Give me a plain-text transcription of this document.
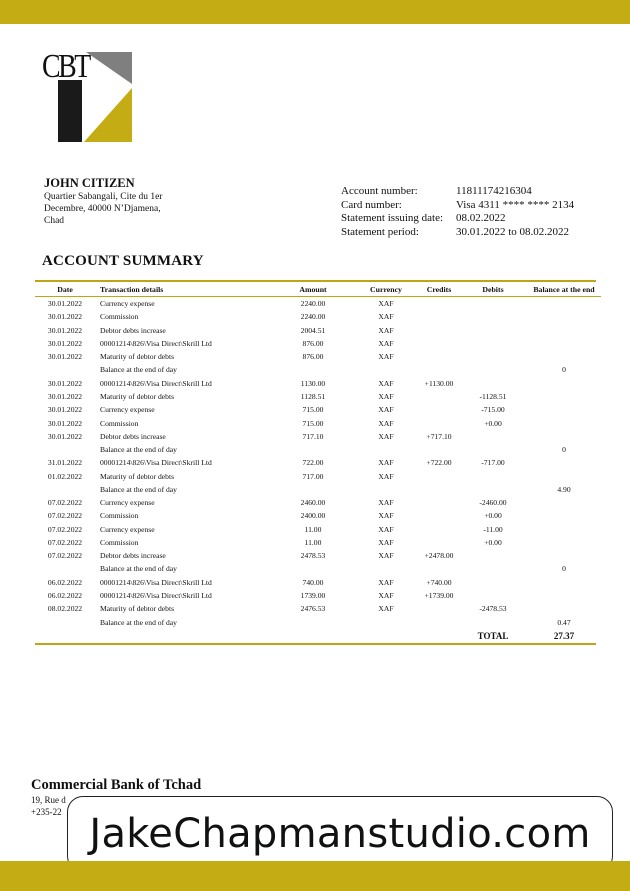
CBT
JOHN CITIZEN
Quartier Sabangali, Cite du 1er
Decembre, 40000 N’Djamena,
Chad
Account number:	11811174216304
Card number:	Visa 4311 **** **** 2134
Statement issuing date:	08.02.2022
Statement period:	30.01.2022 to 08.02.2022
ACCOUNT SUMMARY
Date	Transaction details	Amount	Currency	Credits	Debits	Balance at the end
30.01.2022	Currency expense	2240.00	XAF			
30.01.2022	Commission	2240.00	XAF			
30.01.2022	Debtor debts increase	2004.51	XAF			
30.01.2022	00001214\826\Visa Direct\Skrill Ltd	876.00	XAF			
30.01.2022	Maturity of debtor debts	876.00	XAF			
	Balance at the end of day					0
30.01.2022	00001214\826\Visa Direct\Skrill Ltd	1130.00	XAF	+1130.00		
30.01.2022	Maturity of debtor debts	1128.51	XAF		-1128.51	
30.01.2022	Currency expense	715.00	XAF		-715.00	
30.01.2022	Commission	715.00	XAF		+0.00	
30.01.2022	Debtor debts increase	717.10	XAF	+717.10		
	Balance at the end of day					0
31.01.2022	00001214\826\Visa Direct\Skrill Ltd	722.00	XAF	+722.00	-717.00	
01.02.2022	Maturity of debtor debts	717.00	XAF			
	Balance at the end of day					4.90
07.02.2022	Currency expense	2460.00	XAF		-2460.00	
07.02.2022	Commission	2400.00	XAF		+0.00	
07.02.2022	Currency expense	11.00	XAF		-11.00	
07.02.2022	Commission	11.00	XAF		+0.00	
07.02.2022	Debtor debts increase	2478.53	XAF	+2478.00		
	Balance at the end of day					0
06.02.2022	00001214\826\Visa Direct\Skrill Ltd	740.00	XAF	+740.00		
06.02.2022	00001214\826\Visa Direct\Skrill Ltd	1739.00	XAF	+1739.00		
08.02.2022	Maturity of debtor debts	2476.53	XAF		-2478.53	
	Balance at the end of day					0.47
					TOTAL	27.37
Commercial Bank of Tchad
19, Rue d
+235-22 JakeChapmanstudio.com
